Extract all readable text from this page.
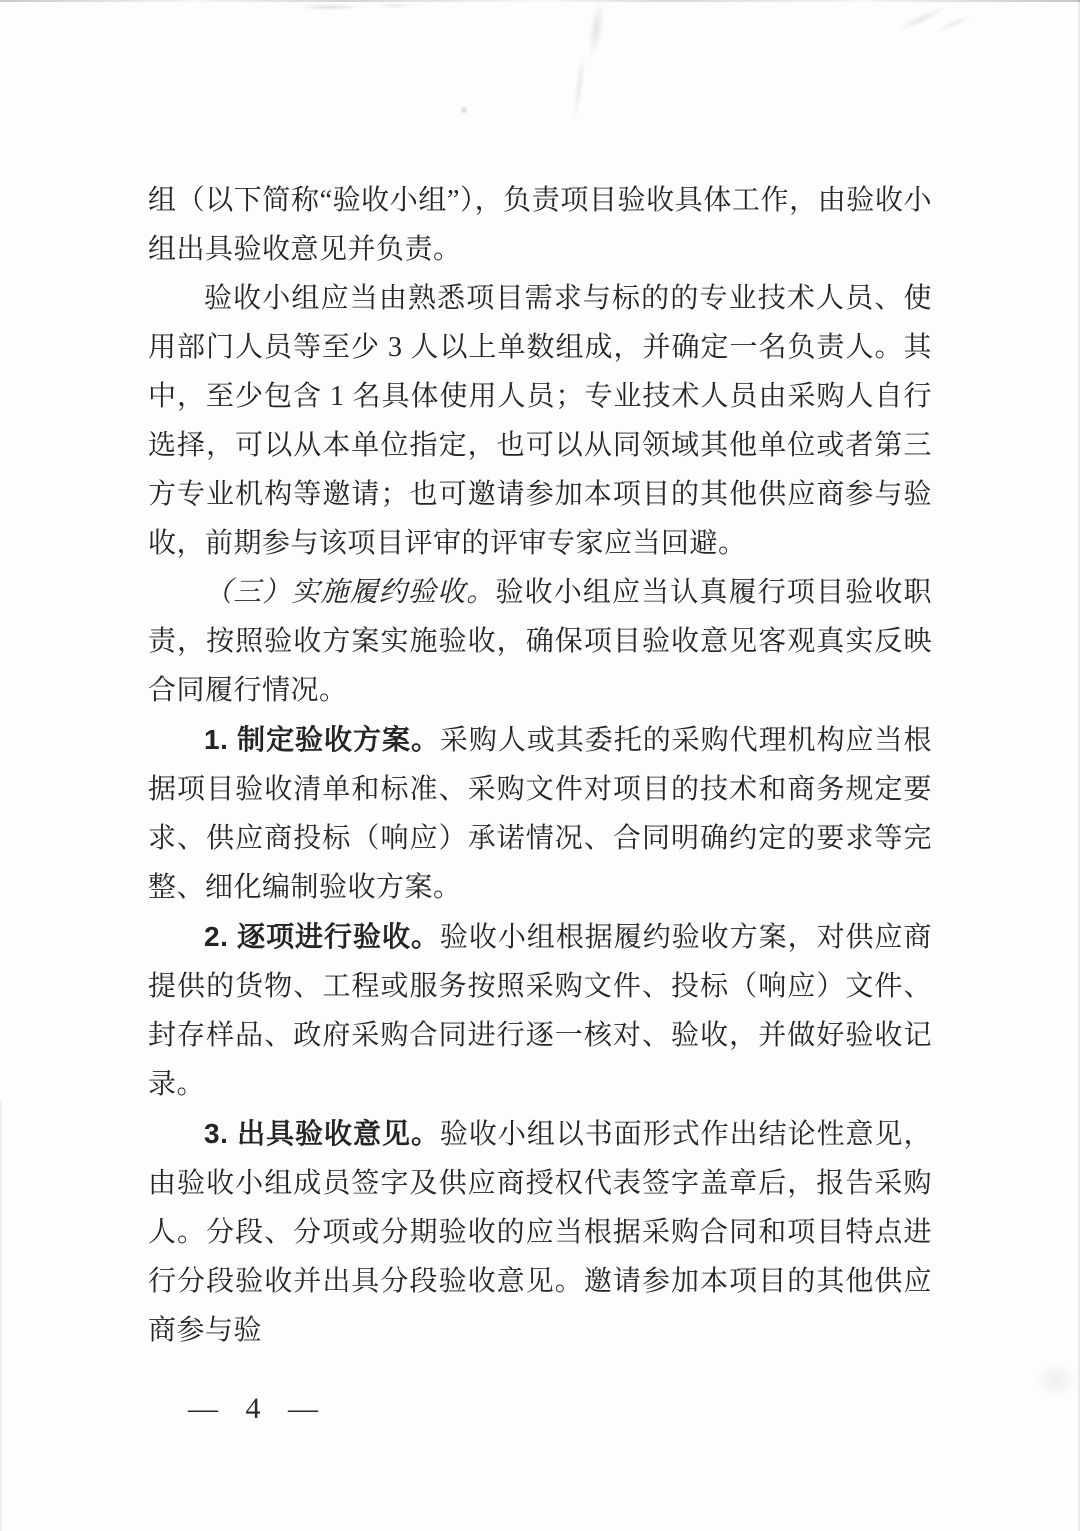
组（以下简称“验收小组”），负责项目验收具体工作，由验收小组出具验收意见并负责。

验收小组应当由熟悉项目需求与标的的专业技术人员、使用部门人员等至少 3 人以上单数组成，并确定一名负责人。其中，至少包含 1 名具体使用人员；专业技术人员由采购人自行选择，可以从本单位指定，也可以从同领域其他单位或者第三方专业机构等邀请；也可邀请参加本项目的其他供应商参与验收，前期参与该项目评审的评审专家应当回避。

（三）实施履约验收。验收小组应当认真履行项目验收职责，按照验收方案实施验收，确保项目验收意见客观真实反映合同履行情况。

1. 制定验收方案。采购人或其委托的采购代理机构应当根据项目验收清单和标准、采购文件对项目的技术和商务规定要求、供应商投标（响应）承诺情况、合同明确约定的要求等完整、细化编制验收方案。

2. 逐项进行验收。验收小组根据履约验收方案，对供应商提供的货物、工程或服务按照采购文件、投标（响应）文件、封存样品、政府采购合同进行逐一核对、验收，并做好验收记录。

3. 出具验收意见。验收小组以书面形式作出结论性意见，由验收小组成员签字及供应商授权代表签字盖章后，报告采购人。分段、分项或分期验收的应当根据采购合同和项目特点进行分段验收并出具分段验收意见。邀请参加本项目的其他供应商参与验

— 4 —
